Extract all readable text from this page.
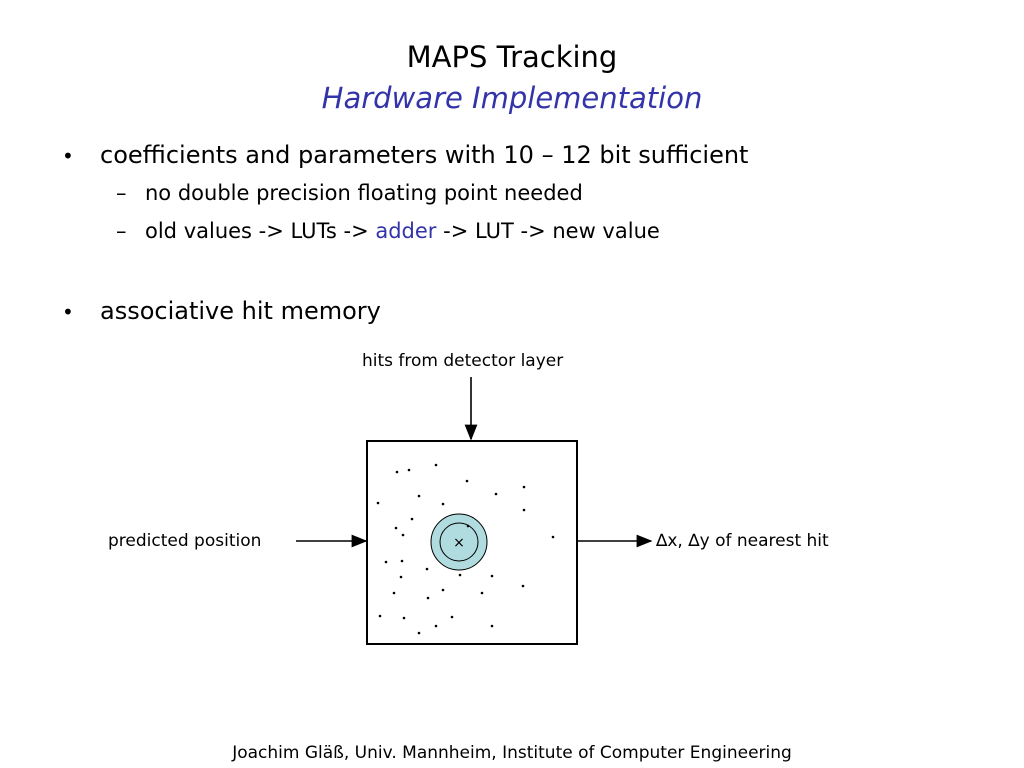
MAPS Tracking
Hardware Implementation
• coefficients and parameters with 10 – 12 bit sufficient
– no double precision floating point needed
– old values -> LUTs -> adder -> LUT -> new value
• associative hit memory
hits from detector layer
predicted position	∆x, ∆y of nearest hit
×
Joachim Gläß, Univ. Mannheim, Institute of Computer Engineering
